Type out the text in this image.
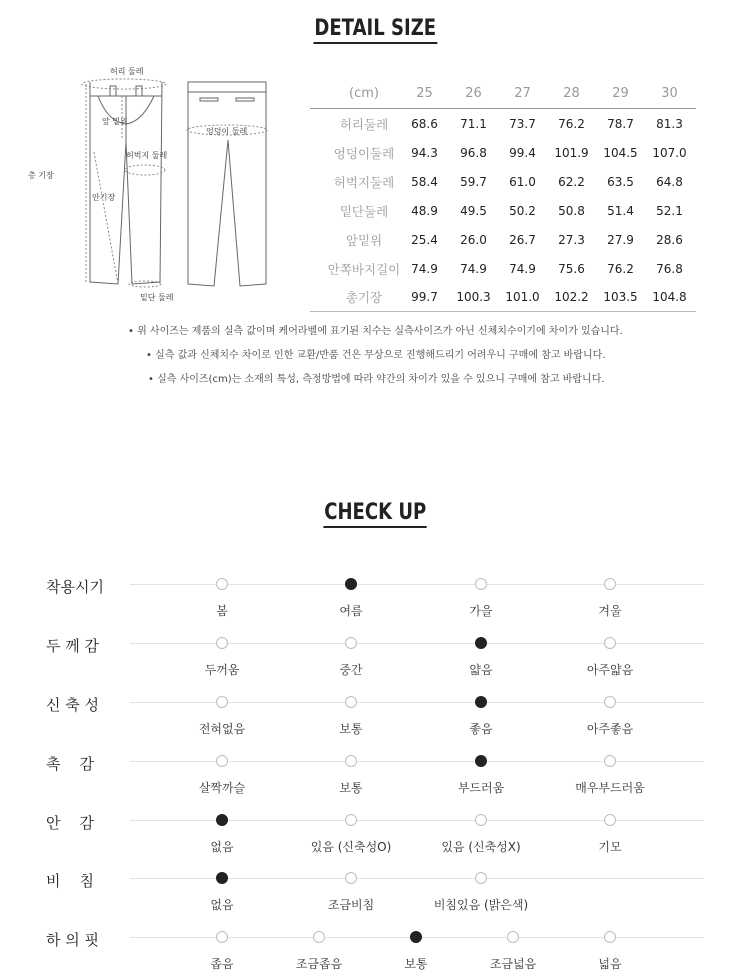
DETAIL SIZE
허리 둘레
앞 밑위
허벅지 둘레
총 기장
안기장
밑단 둘레
엉덩이 둘레
(cm)	25	26	27	28	29	30
허리둘레	68.6	71.1	73.7	76.2	78.7	81.3
엉덩이둘레	94.3	96.8	99.4	101.9	104.5	107.0
허벅지둘레	58.4	59.7	61.0	62.2	63.5	64.8
밑단둘레	48.9	49.5	50.2	50.8	51.4	52.1
앞밑위	25.4	26.0	26.7	27.3	27.9	28.6
안쪽바지길이 74.9	74.9	74.9	75.6	76.2	76.8
총기장	99.7	100.3	101.0	102.2	103.5	104.8
• 위 사이즈는 제품의 실측 값이며 케어라벨에 표기된 치수는 실측사이즈가 아닌 신체치수이기에 차이가 있습니다.
• 실측 값과 신체치수 차이로 인한 교환/반품 건은 무상으로 진행해드리기 어려우니 구매에 참고 바랍니다.
• 실측 사이즈(cm)는 소재의 특성, 측정방법에 따라 약간의 차이가 있을 수 있으니 구매에 참고 바랍니다.
CHECK UP
착용시기
봄	여름	가을	겨울
두 께 감
두꺼움	중간	얇음	아주얇음
신 축 성
전혀없음	보통	좋음	아주좋음
촉    감
살짝까슬	보통	부드러움	매우부드러움
안    감
없음	있음 (신축성O)	있음 (신축성X)	기모
비    침
없음	조금비침	비침있음 (밝은색)
하 의 핏
좁음	조금좁음	보통	조금넓음	넓음
